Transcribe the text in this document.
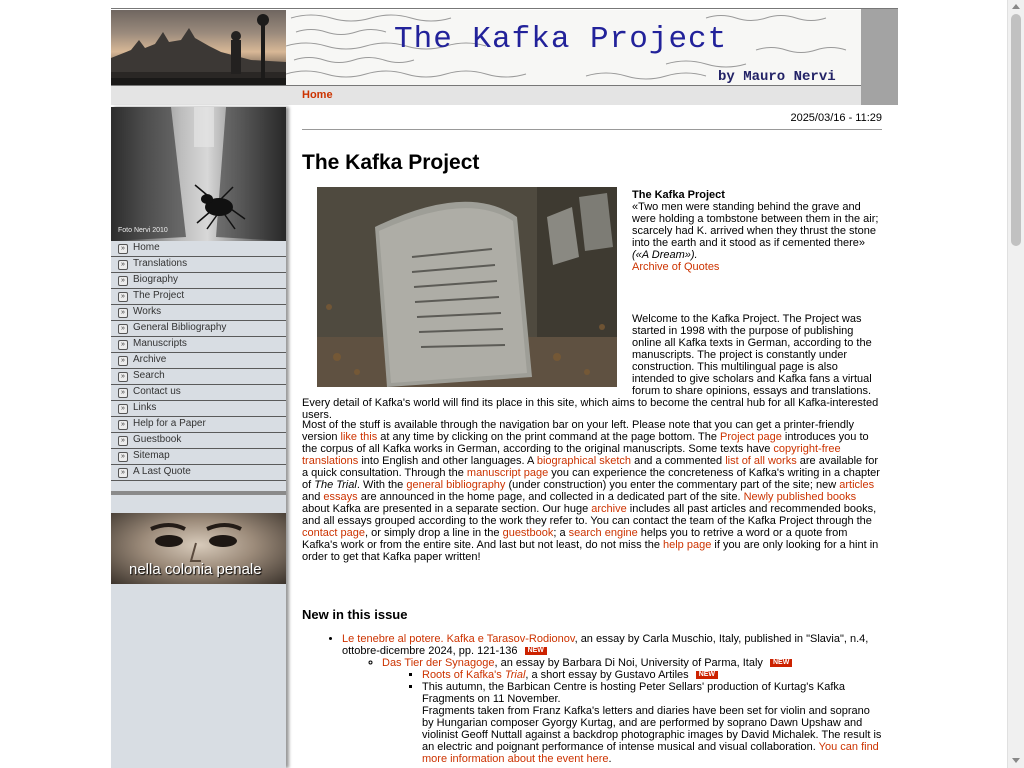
The Kafka Project
by Mauro Nervi
Home
Foto Nervi 2010
» Home
» Translations
» Biography
» The Project
» Works
» General Bibliography
» Manuscripts
» Archive
» Search
» Contact us
» Links
» Help for a Paper
» Guestbook
» Sitemap
» A Last Quote
nella colonia penale
2025/03/16 - 11:29
The Kafka Project
The Kafka Project
«Two men were standing behind the grave and were holding a tombstone between them in the air; scarcely had K. arrived when they thrust the stone into the earth and it stood as if cemented there» («A Dream»).
Archive of Quotes
Welcome to the Kafka Project. The Project was started in 1998 with the purpose of publishing online all Kafka texts in German, according to the manuscripts. The project is constantly under construction. This multilingual page is also intended to give scholars and Kafka fans a virtual forum to share opinions, essays and translations. Every detail of Kafka's world will find its place in this site, which aims to become the central hub for all Kafka-interested users.

Most of the stuff is available through the navigation bar on your left. Please note that you can get a printer-friendly version like this at any time by clicking on the print command at the page bottom. The Project page introduces you to the corpus of all Kafka works in German, according to the original manuscripts. Some texts have copyright-free translations into English and other languages. A biographical sketch and a commented list of all works are available for a quick consultation. Through the manuscript page you can experience the concreteness of Kafka's writing in a chapter of The Trial. With the general bibliography (under construction) you enter the commentary part of the site; new articles and essays are announced in the home page, and collected in a dedicated part of the site. Newly published books about Kafka are presented in a separate section. Our huge archive includes all past articles and recommended books, and all essays grouped according to the work they refer to. You can contact the team of the Kafka Project through the contact page, or simply drop a line in the guestbook; a search engine helps you to retrive a word or a quote from Kafka's work or from the entire site. And last but not least, do not miss the help page if you are only looking for a hint in order to get that Kafka paper written!

New in this issue
• Le tenebre al potere. Kafka e Tarasov-Rodionov, an essay by Carla Muschio, Italy, published in "Slavia", n.4, ottobre-dicembre 2024, pp. 121-136 NEW
◦ Das Tier der Synagoge, an essay by Barbara Di Noi, University of Parma, Italy NEW
▪ Roots of Kafka's Trial, a short essay by Gustavo Artiles NEW
▪ This autumn, the Barbican Centre is hosting Peter Sellars' production of Kurtag's Kafka Fragments on 11 November.
Fragments taken from Franz Kafka's letters and diaries have been set for violin and soprano by Hungarian composer Gyorgy Kurtag, and are performed by soprano Dawn Upshaw and violinist Geoff Nuttall against a backdrop photographic images by David Michalek. The result is an electric and poignant performance of intense musical and visual collaboration. You can find more information about the event here.
